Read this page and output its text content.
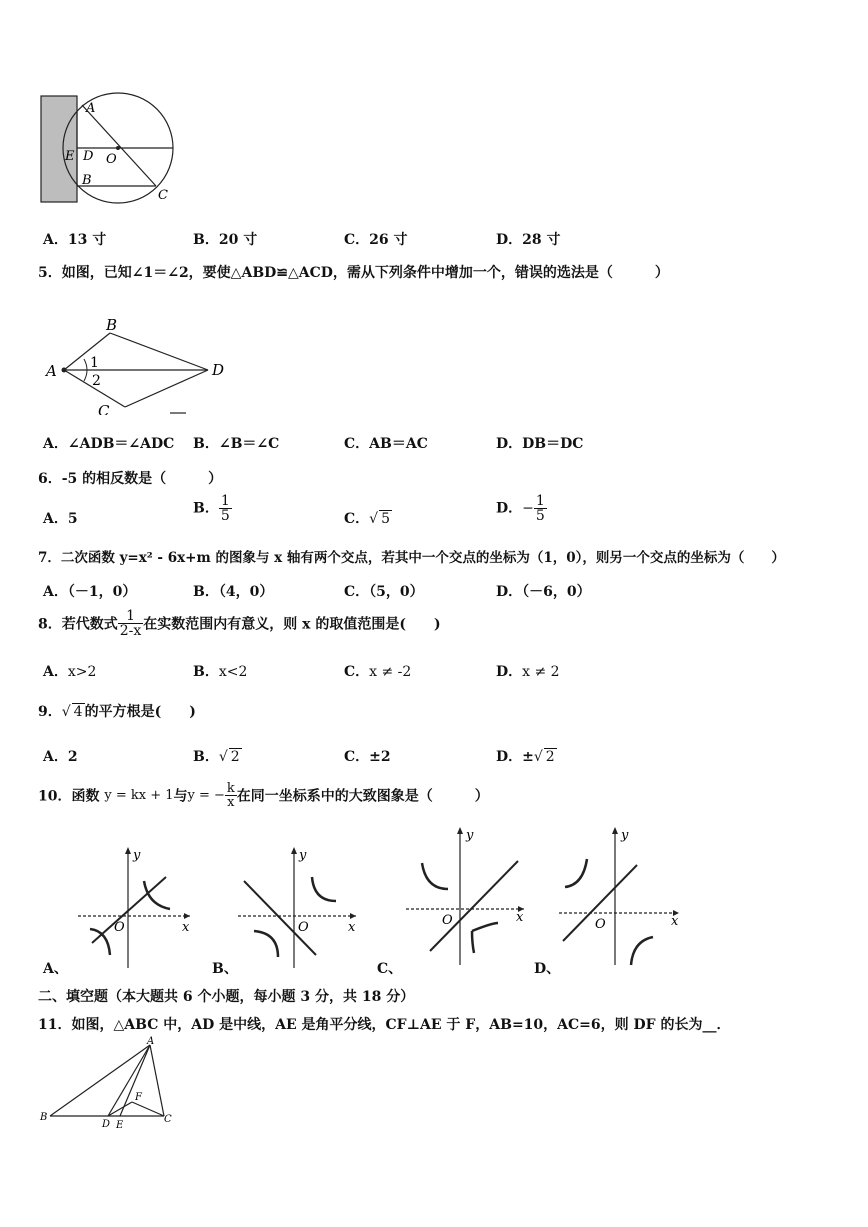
A
E D O
B
C
A．13 寸	B．20 寸	C．26 寸	D．28 寸
5．如图，已知∠1＝∠2，要使△ABD≌△ACD，需从下列条件中增加一个，错误的选法是（　　　）
A
B
C
D
1
2
A．∠ADB＝∠ADC B．∠B＝∠C	C．AB＝AC	D．DB＝DC
6．-5 的相反数是（　　　）
A．5
B． $\frac{1}{5}$	C．√ 5
D．− $\frac{1}{5}$
7．二次函数 y=x² - 6x+m 的图象与 x 轴有两个交点，若其中一个交点的坐标为（1，0），则另一个交点的坐标为（　　）
A．（－1，0）	B．（4，0）	C．（5，0）	D．（－6，0）
8．若代数式 $\frac{1}{2-x}$ 在实数范围内有意义，则 x 的取值范围是(　　)
A．x>2	B．x<2	C．x ≠ -2	D．x ≠ 2
9．√ 4 的平方根是(　　)
A．2	B．√ 2	C．±2	D．±√ 2
10．函数 y = kx + 1与y = − $\frac{k}{x}$ 在同一坐标系中的大致图象是（　　　）
y
x
O
y
x
O
y
x
O
y
x
O
A、	B、	C、	D、
二、填空题（本大题共 6 个小题，每小题 3 分，共 18 分）
11．如图，△ABC 中，AD 是中线，AE 是角平分线，CF⊥AE 于 F，AB=10，AC=6，则 DF 的长为__．
A
B	C
D E
F
